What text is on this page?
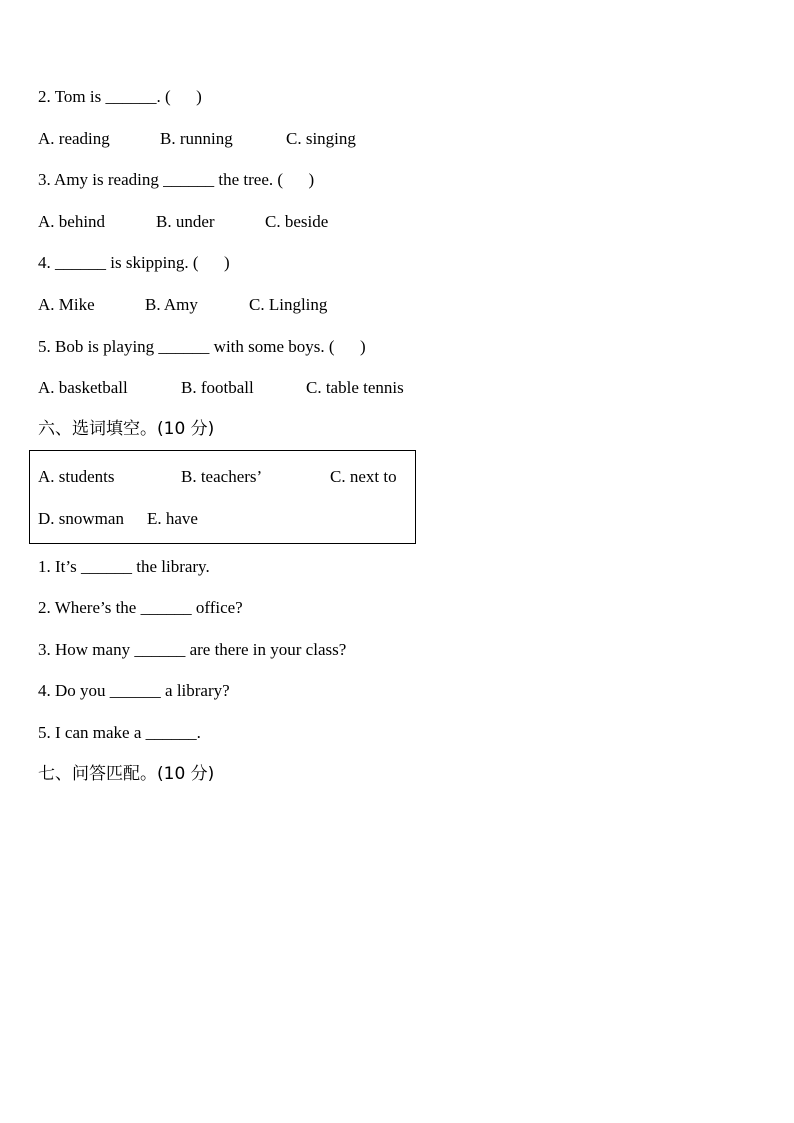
2. Tom is ______. (      )
A. reading	B. running	C. singing
3. Amy is reading ______ the tree. (      )
A. behind	B. under	C. beside
4. ______ is skipping. (      )
A. Mike	B. Amy	C. Lingling
5. Bob is playing ______ with some boys. (      )
A. basketball	B. football	C. table tennis
六、选词填空。(10 分)
A. students	B. teachers’	C. next to
D. snowman E. have
1. It’s ______ the library.
2. Where’s the ______ office?
3. How many ______ are there in your class?
4. Do you ______ a library?
5. I can make a ______.
七、问答匹配。(10 分)
